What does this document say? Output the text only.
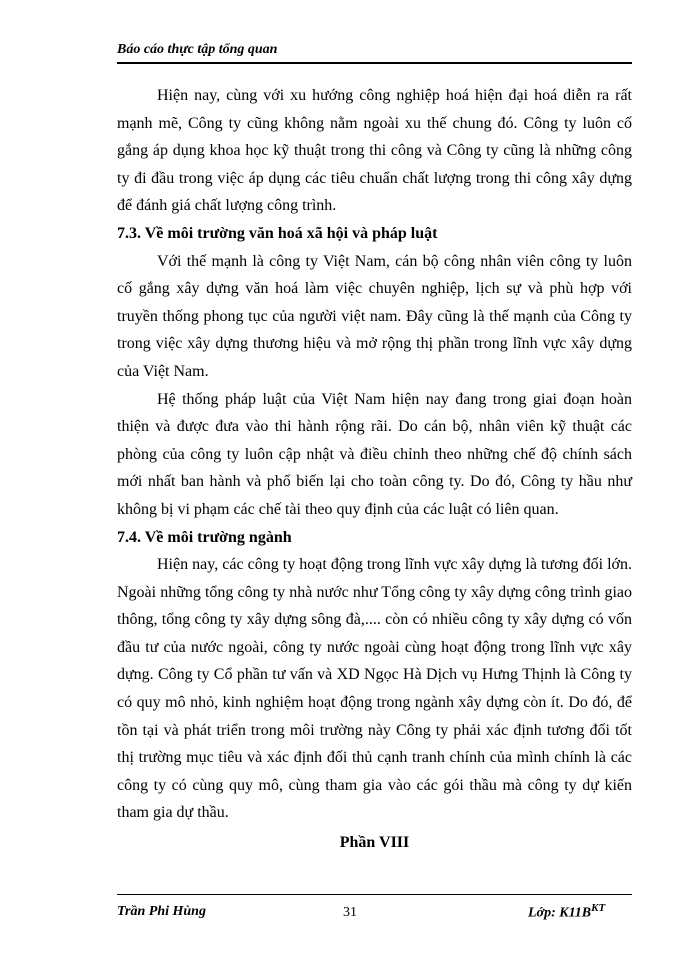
Báo cáo thực tập tổng quan

Hiện nay, cùng với xu hướng công nghiệp hoá hiện đại hoá diễn ra rất mạnh mẽ, Công ty cũng không nằm ngoài xu thế chung đó. Công ty luôn cố gắng áp dụng khoa học kỹ thuật trong thi công và Công ty cũng là những công ty đi đầu trong việc áp dụng các tiêu chuẩn chất lượng trong thi công xây dựng để đánh giá chất lượng công trình.

7.3. Về môi trường văn hoá xã hội và pháp luật

Với thế mạnh là công ty Việt Nam, cán bộ công nhân viên công ty luôn cố gắng xây dựng văn hoá làm việc chuyên nghiệp, lịch sự và phù hợp với truyền thống phong tục của người việt nam. Đây cũng là thế mạnh của Công ty trong việc xây dựng thương hiệu và mở rộng thị phần trong lĩnh vực xây dựng của Việt Nam.

Hệ thống pháp luật của Việt Nam hiện nay đang trong giai đoạn hoàn thiện và được đưa vào thi hành rộng rãi. Do cán bộ, nhân viên kỹ thuật các phòng của công ty luôn cập nhật và điều chỉnh theo những chế độ chính sách mới nhất ban hành và phổ biến lại cho toàn công ty. Do đó, Công ty hầu như không bị vi phạm các chế tài theo quy định của các luật có liên quan.

7.4. Về môi trường ngành

Hiện nay, các công ty hoạt động trong lĩnh vực xây dựng là tương đối lớn. Ngoài những tổng công ty nhà nước như Tổng công ty xây dựng công trình giao thông, tổng công ty xây dựng sông đà,.... còn có nhiều công ty xây dựng có vốn đầu tư của nước ngoài, công ty nước ngoài cùng hoạt động trong lĩnh vực xây dựng. Công ty Cổ phần tư vấn và XD Ngọc Hà Dịch vụ Hưng Thịnh là Công ty có quy mô nhỏ, kinh nghiệm hoạt động trong ngành xây dựng còn ít. Do đó, để tồn tại và phát triển trong môi trường này Công ty phải xác định tương đối tốt thị trường mục tiêu và xác định đối thủ cạnh tranh chính của mình chính là các công ty có cùng quy mô, cùng tham gia vào các gói thầu mà công ty dự kiến tham gia dự thầu.

Phần VIII
Trần Phi Hùng	31	Lớp: $K11B^{KT}$
